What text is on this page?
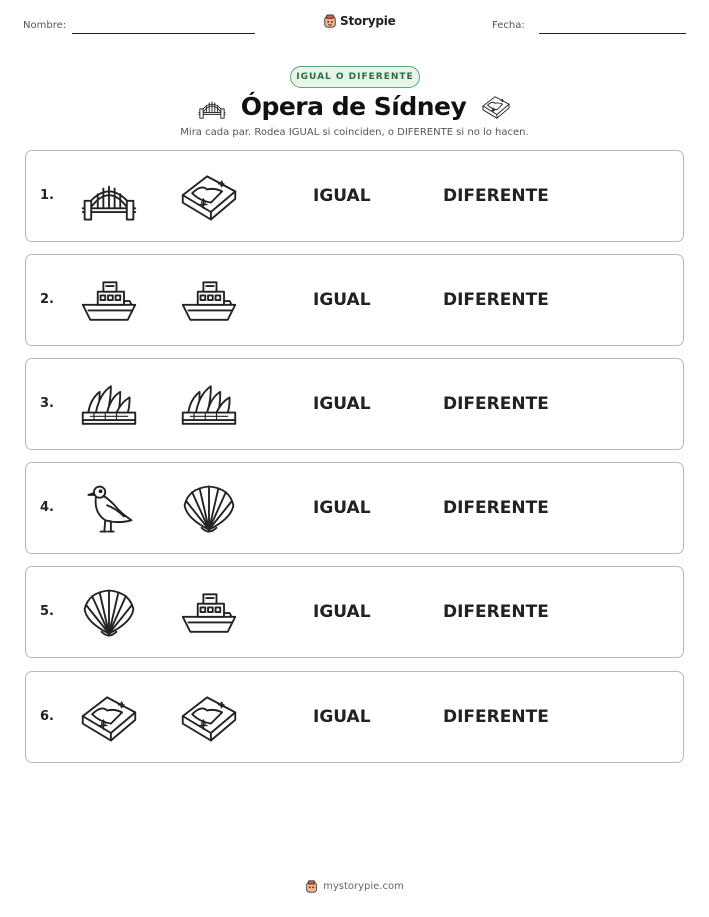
Nombre:	Storypie	Fecha:
IGUAL O DIFERENTE
Ópera de Sídney
Mira cada par. Rodea IGUAL si coinciden, o DIFERENTE si no lo hacen.
1.	IGUAL	DIFERENTE
2.	IGUAL	DIFERENTE
3.	IGUAL	DIFERENTE
4.	IGUAL	DIFERENTE
5.	IGUAL	DIFERENTE
6.	IGUAL	DIFERENTE
mystorypie.com
